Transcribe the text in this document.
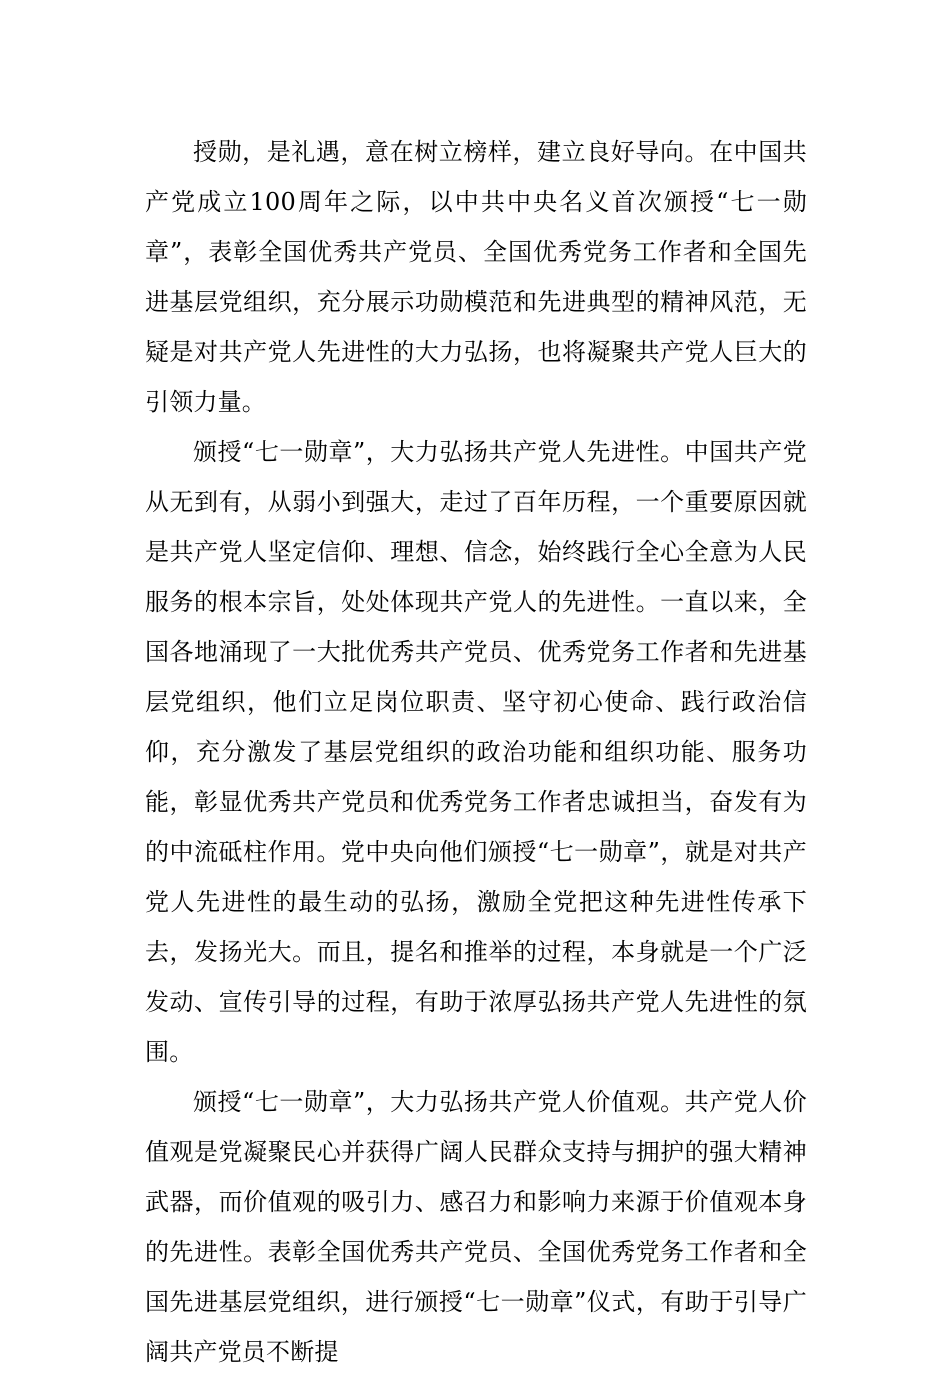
授勋，是礼遇，意在树立榜样，建立良好导向。在中国共产党成立100周年之际，以中共中央名义首次颁授“七一勋章”，表彰全国优秀共产党员、全国优秀党务工作者和全国先进基层党组织，充分展示功勋模范和先进典型的精神风范，无疑是对共产党人先进性的大力弘扬，也将凝聚共产党人巨大的引领力量。

颁授“七一勋章”，大力弘扬共产党人先进性。中国共产党从无到有，从弱小到强大，走过了百年历程，一个重要原因就是共产党人坚定信仰、理想、信念，始终践行全心全意为人民服务的根本宗旨，处处体现共产党人的先进性。一直以来，全国各地涌现了一大批优秀共产党员、优秀党务工作者和先进基层党组织，他们立足岗位职责、坚守初心使命、践行政治信仰，充分激发了基层党组织的政治功能和组织功能、服务功能，彰显优秀共产党员和优秀党务工作者忠诚担当，奋发有为的中流砥柱作用。党中央向他们颁授“七一勋章”，就是对共产党人先进性的最生动的弘扬，激励全党把这种先进性传承下去，发扬光大。而且，提名和推举的过程，本身就是一个广泛发动、宣传引导的过程，有助于浓厚弘扬共产党人先进性的氛围。

颁授“七一勋章”，大力弘扬共产党人价值观。共产党人价值观是党凝聚民心并获得广阔人民群众支持与拥护的强大精神武器，而价值观的吸引力、感召力和影响力来源于价值观本身的先进性。表彰全国优秀共产党员、全国优秀党务工作者和全国先进基层党组织，进行颁授“七一勋章”仪式，有助于引导广阔共产党员不断提
